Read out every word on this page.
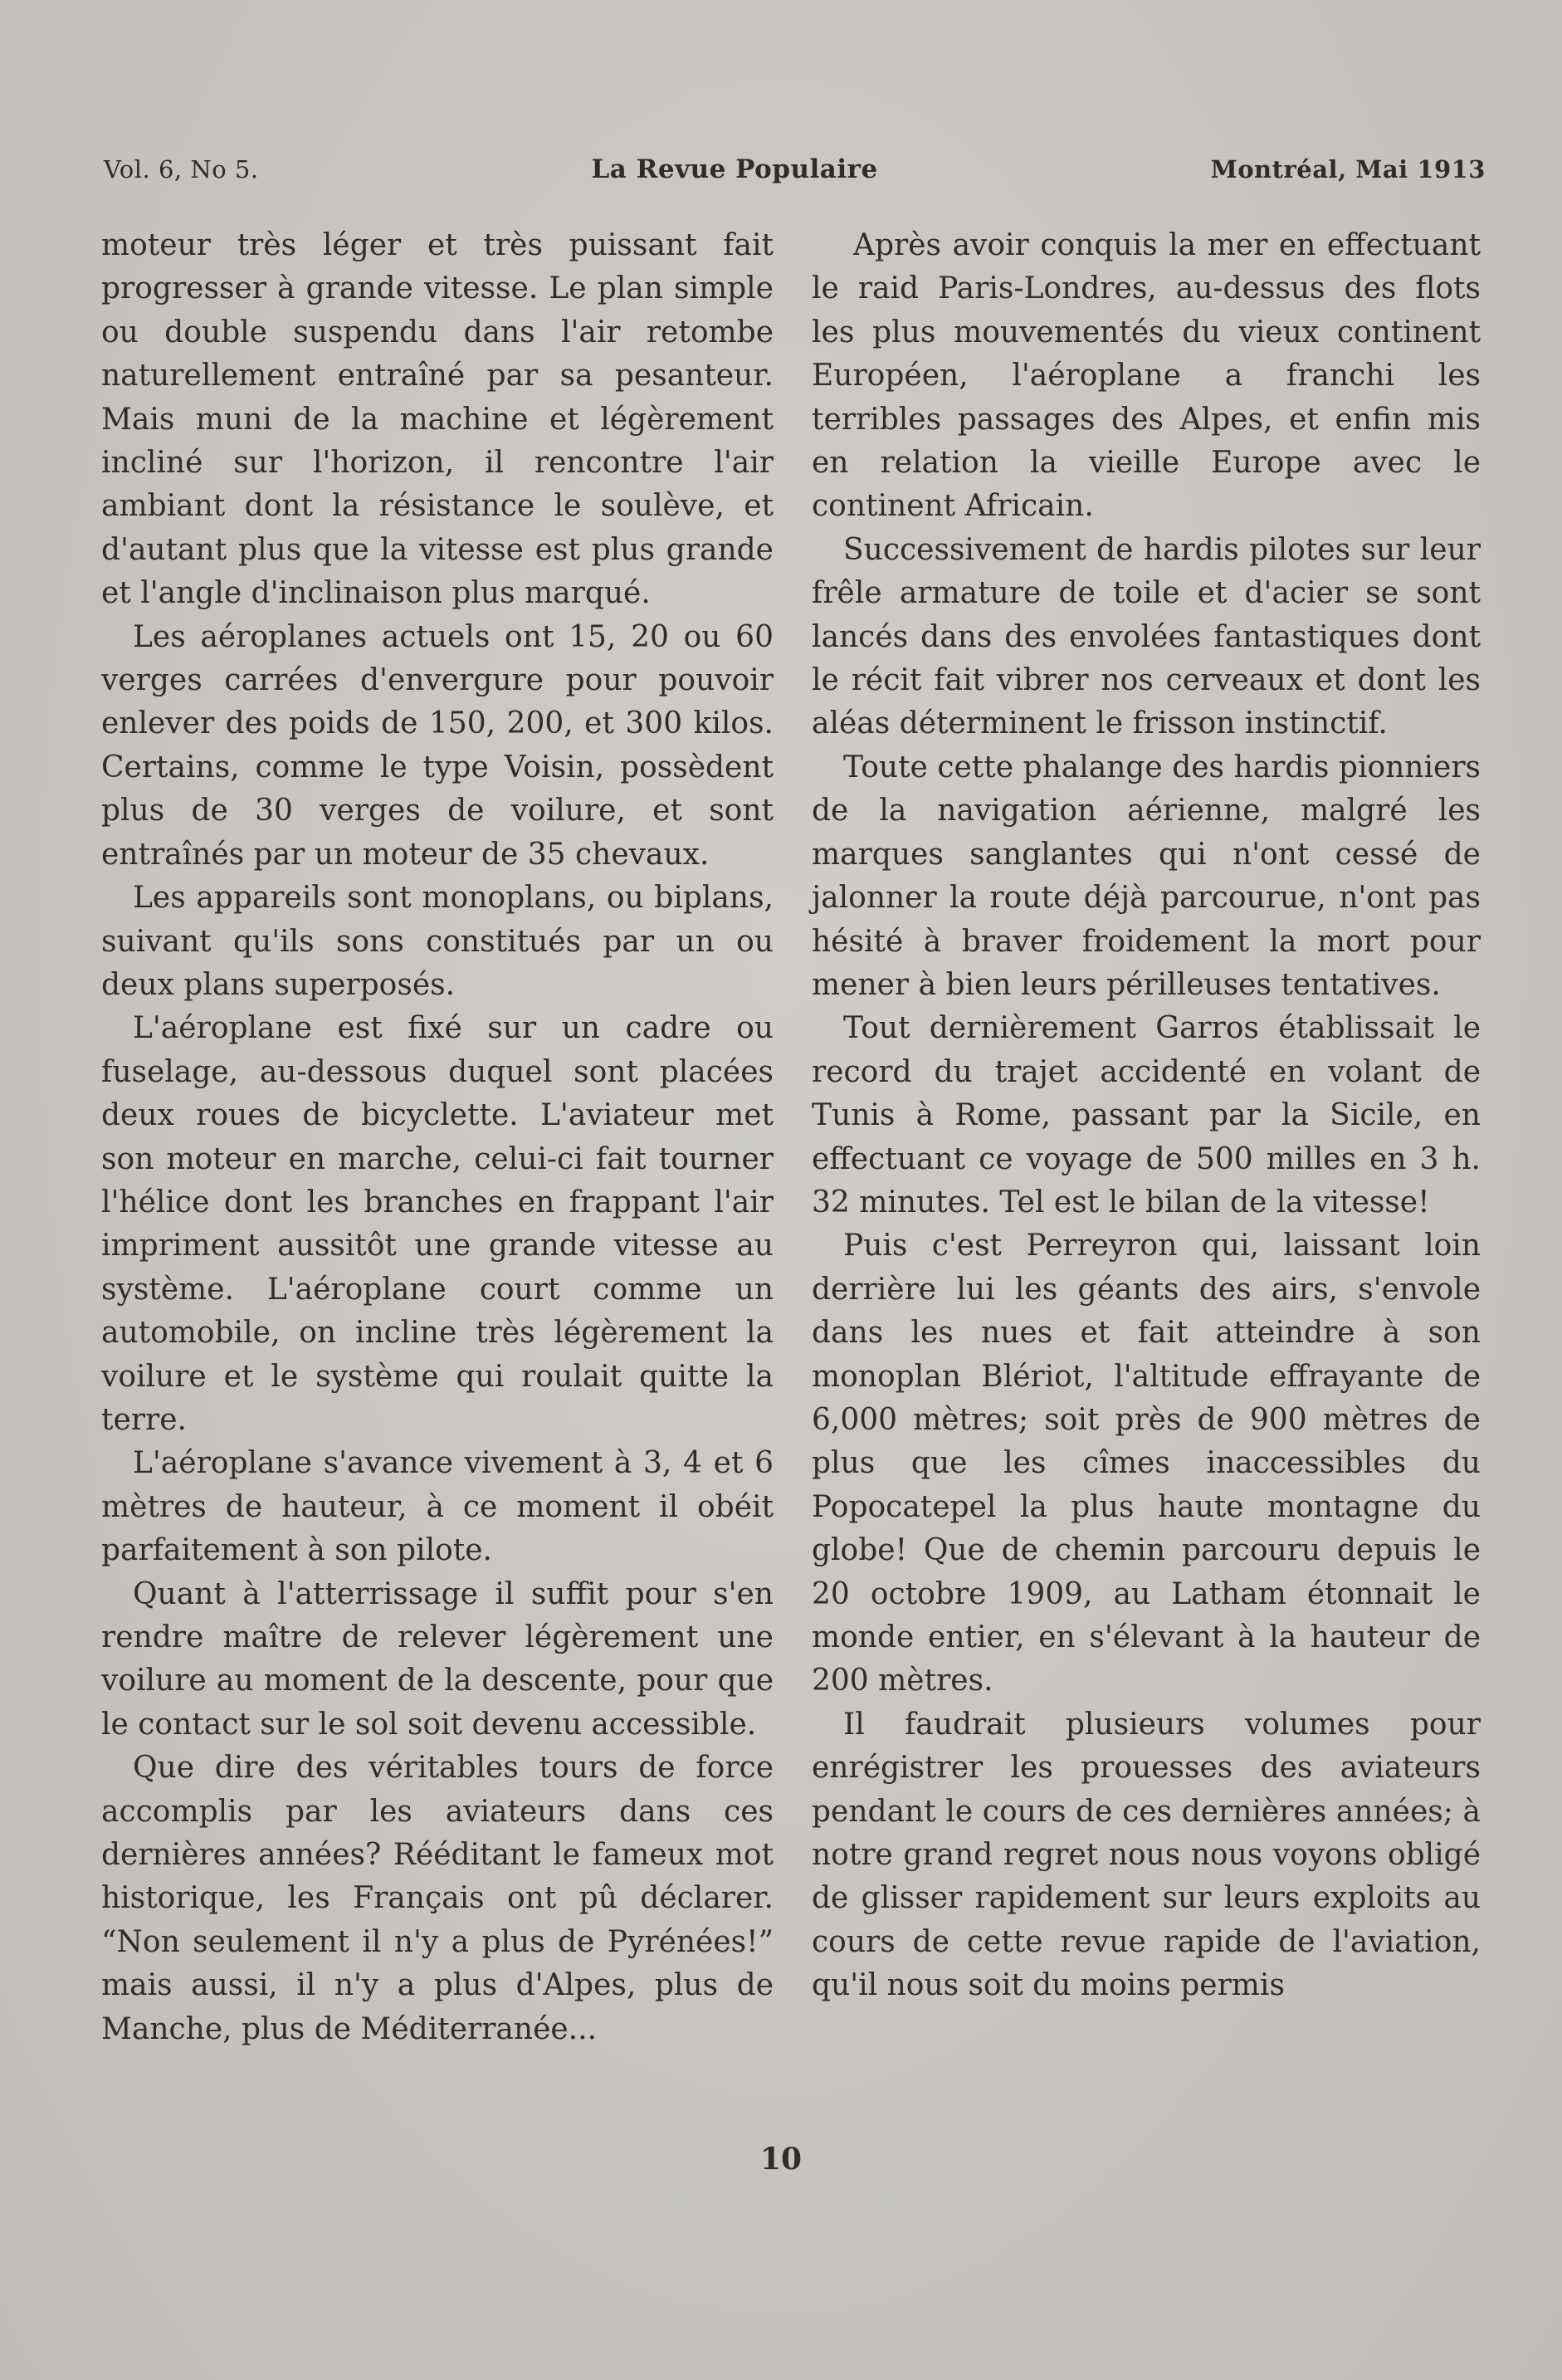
Vol. 6, No 5.	La Revue Populaire	Montréal, Mai 1913

moteur très léger et très puissant fait progresser à grande vitesse. Le plan simple ou double suspendu dans l'air retombe naturellement entraîné par sa pesanteur. Mais muni de la machine et légèrement incliné sur l'horizon, il rencontre l'air ambiant dont la résistance le soulève, et d'autant plus que la vitesse est plus grande et l'angle d'inclinaison plus marqué.

Les aéroplanes actuels ont 15, 20 ou 60 verges carrées d'envergure pour pouvoir enlever des poids de 150, 200, et 300 kilos. Certains, comme le type Voisin, possèdent plus de 30 verges de voilure, et sont entraînés par un moteur de 35 chevaux.

Les appareils sont monoplans, ou biplans, suivant qu'ils sons constitués par un ou deux plans superposés.

L'aéroplane est fixé sur un cadre ou fuselage, au-dessous duquel sont placées deux roues de bicyclette. L'aviateur met son moteur en marche, celui-ci fait tourner l'hélice dont les branches en frappant l'air impriment aussitôt une grande vitesse au système. L'aéroplane court comme un automobile, on incline très légèrement la voilure et le système qui roulait quitte la terre.

L'aéroplane s'avance vivement à 3, 4 et 6 mètres de hauteur, à ce moment il obéit parfaitement à son pilote.

Quant à l'atterrissage il suffit pour s'en rendre maître de relever légèrement une voilure au moment de la descente, pour que le contact sur le sol soit devenu accessible.

Que dire des véritables tours de force accomplis par les aviateurs dans ces dernières années? Rééditant le fameux mot historique, les Français ont pû déclarer. “Non seulement il n'y a plus de Pyrénées!” mais aussi, il n'y a plus d'Alpes, plus de Manche, plus de Méditerranée...

Après avoir conquis la mer en effectuant le raid Paris-Londres, au-dessus des flots les plus mouvementés du vieux continent Européen, l'aéroplane a franchi les terribles passages des Alpes, et enfin mis en relation la vieille Europe avec le continent Africain.

Successivement de hardis pilotes sur leur frêle armature de toile et d'acier se sont lancés dans des envolées fantastiques dont le récit fait vibrer nos cerveaux et dont les aléas déterminent le frisson instinctif.

Toute cette phalange des hardis pionniers de la navigation aérienne, malgré les marques sanglantes qui n'ont cessé de jalonner la route déjà parcourue, n'ont pas hésité à braver froidement la mort pour mener à bien leurs périlleuses tentatives.

Tout dernièrement Garros établissait le record du trajet accidenté en volant de Tunis à Rome, passant par la Sicile, en effectuant ce voyage de 500 milles en 3 h. 32 minutes. Tel est le bilan de la vitesse!

Puis c'est Perreyron qui, laissant loin derrière lui les géants des airs, s'envole dans les nues et fait atteindre à son monoplan Blériot, l'altitude effrayante de 6,000 mètres; soit près de 900 mètres de plus que les cîmes inaccessibles du Popocatepel la plus haute montagne du globe! Que de chemin parcouru depuis le 20 octobre 1909, au Latham étonnait le monde entier, en s'élevant à la hauteur de 200 mètres.

Il faudrait plusieurs volumes pour enrégistrer les prouesses des aviateurs pendant le cours de ces dernières années; à notre grand regret nous nous voyons obligé de glisser rapidement sur leurs exploits au cours de cette revue rapide de l'aviation, qu'il nous soit du moins permis

10
